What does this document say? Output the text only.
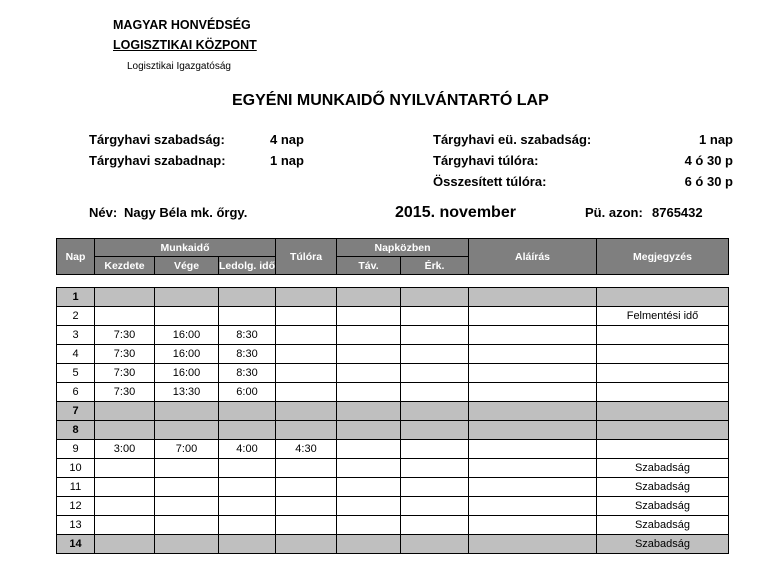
MAGYAR HONVÉDSÉG
LOGISZTIKAI KÖZPONT
Logisztikai Igazgatóság
EGYÉNI MUNKAIDŐ NYILVÁNTARTÓ LAP
Tárgyhavi szabadság:	4 nap
Tárgyhavi szabadnap:	1 nap
Tárgyhavi eü. szabadság:	1 nap
Tárgyhavi túlóra:	4 ó 30 p
Összesített túlóra:	6 ó 30 p
Név: Nagy Béla mk. őrgy.	2015. november	Pü. azon: 8765432
Nap	Munkaidő			Túlóra	Napközben		Aláírás	Megjegyzés
	Kezdete	Vége	Ledolg. idő		Táv.	Érk.		

1								
2								Felmentési idő
3	7:30	16:00	8:30					
4	7:30	16:00	8:30					
5	7:30	16:00	8:30					
6	7:30	13:30	6:00					
7								
8								
9	3:00	7:00	4:00	4:30				
10								Szabadság
11								Szabadság
12								Szabadság
13								Szabadság
14								Szabadság
